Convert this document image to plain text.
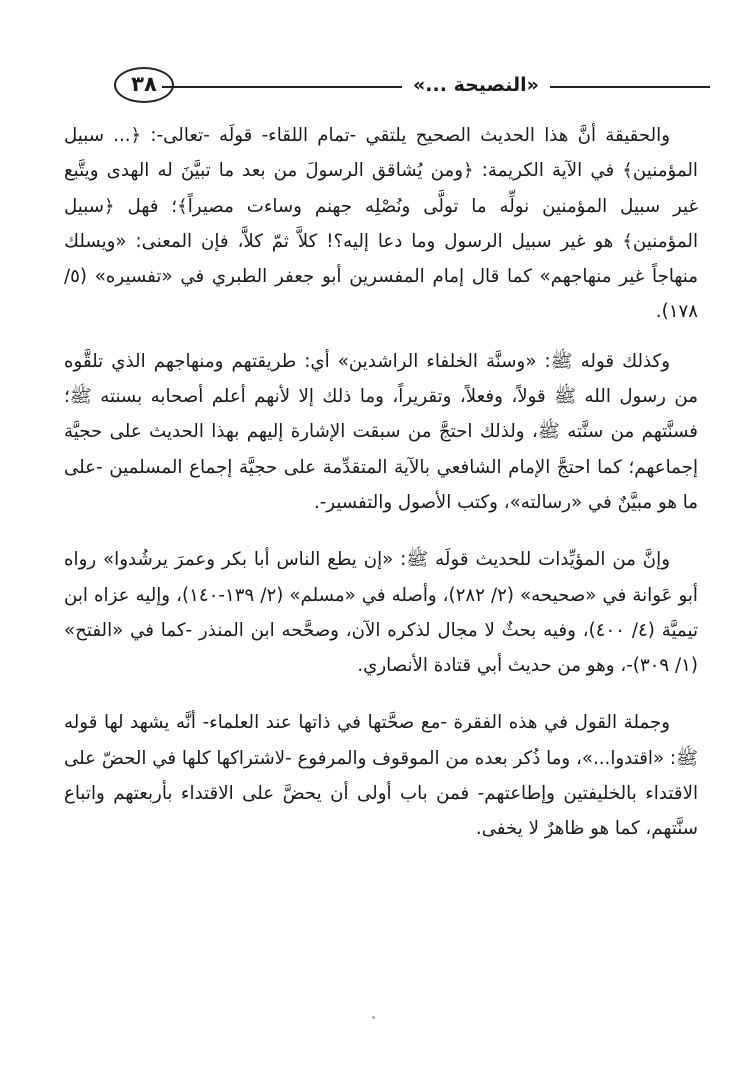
٣٨	«النصيحة ...»

والحقيقة أنَّ هذا الحديث الصحيح يلتقي -تمام اللقاء- قولَه -تعالى-: ﴿... سبيل المؤمنين﴾ في الآية الكريمة: ﴿ومن يُشاقق الرسولَ من بعد ما تبيَّنَ له الهدى ويتَّبع غير سبيل المؤمنين نولِّه ما تولَّى ونُصْلِه جهنم وساءت مصيراً﴾؛ فهل ﴿سبيل المؤمنين﴾ هو غير سبيل الرسول وما دعا إليه؟! كلاَّ ثمّ كلاَّ، فإن المعنى: «ويسلك منهاجاً غير منهاجهم» كما قال إمام المفسرين أبو جعفر الطبري في «تفسيره» (٥/ ١٧٨).

وكذلك قوله ﷺ: «وسنَّة الخلفاء الراشدين» أي: طريقتهم ومنهاجهم الذي تلقَّوه من رسول الله ﷺ قولاً، وفعلاً، وتقريراً، وما ذلك إلا لأنهم أعلم أصحابه بسنته ﷺ؛ فسنَّتهم من سنَّته ﷺ، ولذلك احتجَّ من سبقت الإشارة إليهم بهذا الحديث على حجيَّة إجماعهم؛ كما احتجَّ الإمام الشافعي بالآية المتقدِّمة على حجيَّة إجماع المسلمين -على ما هو مبيَّنٌ في «رسالته»، وكتب الأصول والتفسير-.

وإنَّ من المؤيِّدات للحديث قولَه ﷺ: «إن يطع الناس أبا بكر وعمرَ يرشُدوا» رواه أبو عَوانة في «صحيحه» (٢/ ٢٨٢)، وأصله في «مسلم» (٢/ ١٣٩-١٤٠)، وإليه عزاه ابن تيميَّة (٤/ ٤٠٠)، وفيه بحثٌ لا مجال لذكره الآن، وصحَّحه ابن المنذر -كما في «الفتح» (١/ ٣٠٩)-، وهو من حديث أبي قتادة الأنصاري.

وجملة القول في هذه الفقرة -مع صحَّتها في ذاتها عند العلماء- أنَّه يشهد لها قوله ﷺ: «اقتدوا...»، وما ذُكر بعده من الموقوف والمرفوع -لاشتراكها كلها في الحضّ على الاقتداء بالخليفتين وإطاعتهم- فمن باب أولى أن يحضَّ على الاقتداء بأربعتهم واتباع سنَّتهم، كما هو ظاهرٌ لا يخفى.
